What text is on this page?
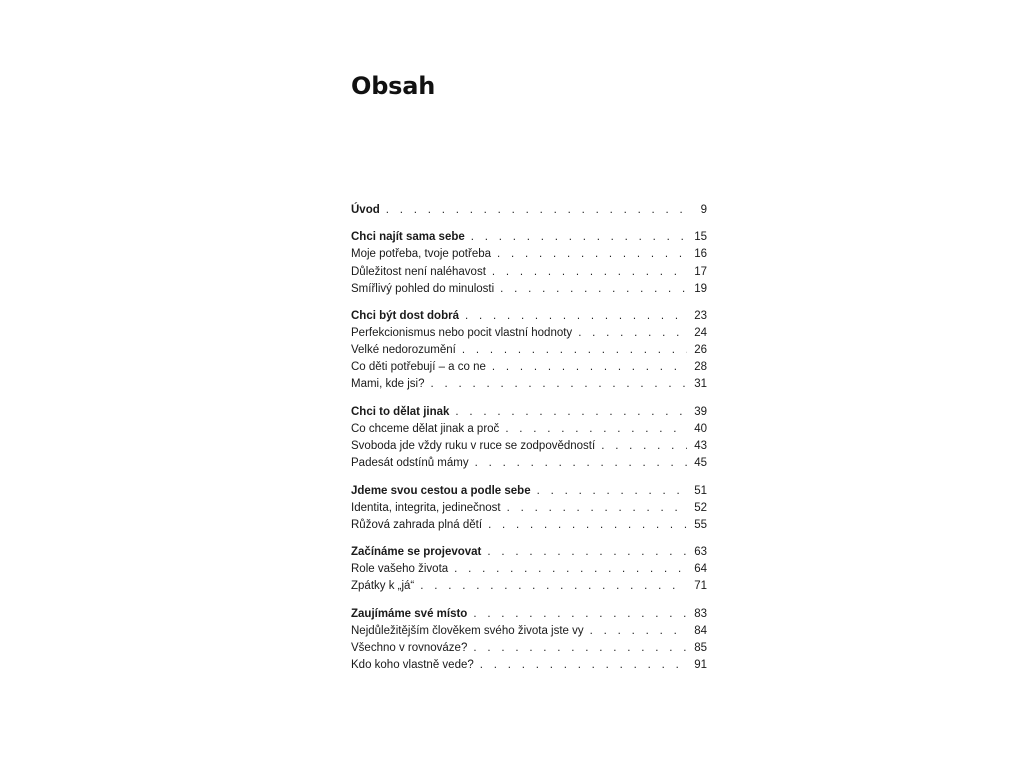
Obsah
Úvod . . .	9
Chci najít sama sebe . . .	15
Moje potřeba, tvoje potřeba . . .	16
Důležitost není naléhavost . . .	17
Smířlivý pohled do minulosti . . .	19
Chci být dost dobrá . . .	23
Perfekcionismus nebo pocit vlastní hodnoty . . .	24
Velké nedorozumění . . .	26
Co děti potřebují – a co ne . . .	28
Mami, kde jsi? . . .	31
Chci to dělat jinak . . .	39
Co chceme dělat jinak a proč . . .	40
Svoboda jde vždy ruku v ruce se zodpovědností . . .	43
Padesát odstínů mámy . . .	45
Jdeme svou cestou a podle sebe . . .	51
Identita, integrita, jedinečnost . . .	52
Růžová zahrada plná dětí . . .	55
Začínáme se projevovat . . .	63
Role vašeho života . . .	64
Zpátky k „já“ . . .	71
Zaujímáme své místo . . .	83
Nejdůležitějším člověkem svého života jste vy . . .	84
Všechno v rovnováze? . . .	85
Kdo koho vlastně vede? . . .	91
